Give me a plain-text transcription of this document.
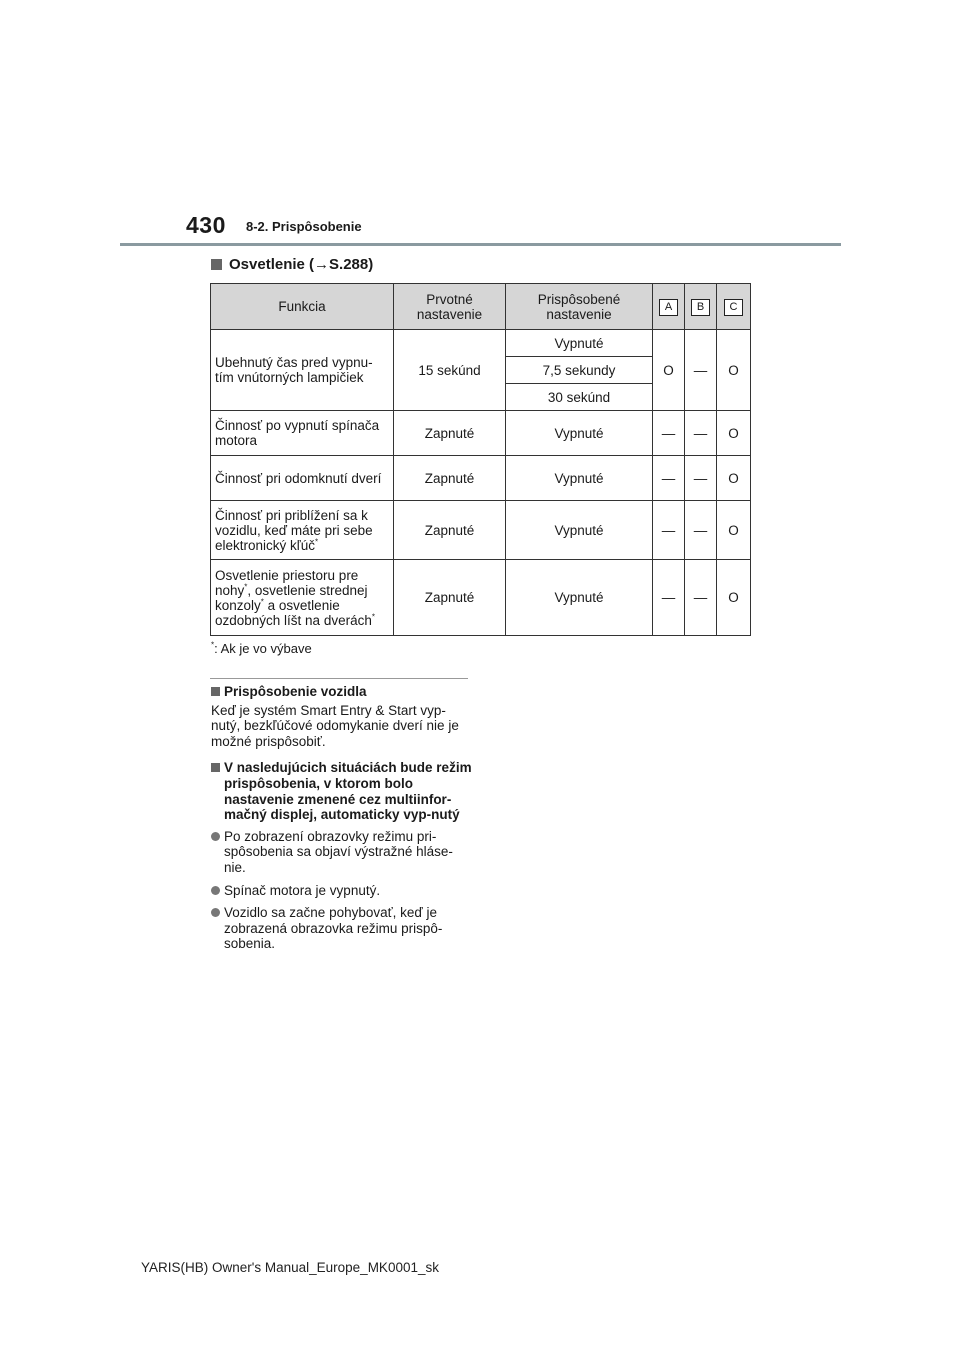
430 8-2. Prispôsobenie
Osvetlenie ( → S.288)
Funkcia	Prvotné nastavenie	Prispôsobené nastavenie	A	B	C
Ubehnutý čas pred vypnu-tím vnútorných lampičiek	15 sekúnd	Vypnuté	O	—	O
		7,5 sekundy			
		30 sekúnd			
Činnosť po vypnutí spínača motora	Zapnuté	Vypnuté	—	—	O
Činnosť pri odomknutí dverí	Zapnuté	Vypnuté	—	—	O
Činnosť pri priblížení sa k vozidlu, keď máte pri sebe elektronický kľúč*	Zapnuté	Vypnuté	—	—	O
Osvetlenie priestoru pre nohy*, osvetlenie strednej konzoly* a osvetlenie ozdobných líšt na dverách*	Zapnuté	Vypnuté	—	—	O
*: Ak je vo výbave
Prispôsobenie vozidla
Keď je systém Smart Entry & Start vyp-nutý, bezkľúčové odomykanie dverí nie je možné prispôsobiť.
V nasledujúcich situáciách bude režim prispôsobenia, v ktorom bolo nastavenie zmenené cez multiinfor-mačný displej, automaticky vyp-nutý
Po zobrazení obrazovky režimu pri-spôsobenia sa objaví výstražné hláse-nie.
Spínač motora je vypnutý.
Vozidlo sa začne pohybovať, keď je zobrazená obrazovka režimu prispô-sobenia.
YARIS(HB) Owner's Manual_Europe_MK0001_sk
